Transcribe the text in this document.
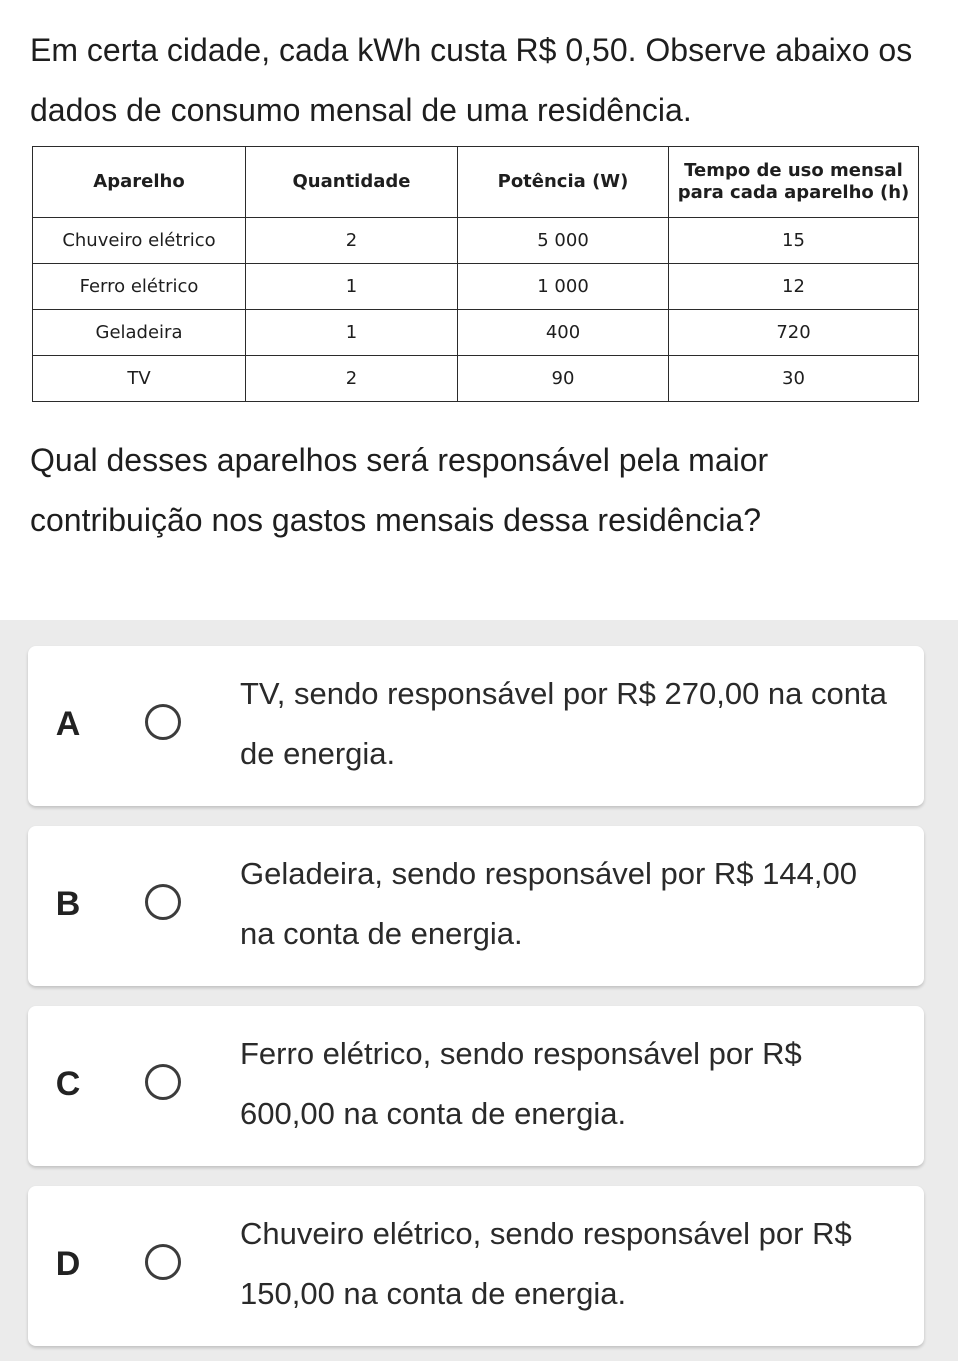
Em certa cidade, cada kWh custa R$ 0,50. Observe abaixo os dados de consumo mensal de uma residência.

Aparelho	Quantidade	Potência (W)	Tempo de uso mensal para cada aparelho (h)
Chuveiro elétrico	2	5 000	15
Ferro elétrico	1	1 000	12
Geladeira	1	400	720
TV	2	90	30

Qual desses aparelhos será responsável pela maior contribuição nos gastos mensais dessa residência?

A
TV, sendo responsável por R$ 270,00 na conta de energia.
B
Geladeira, sendo responsável por R$ 144,00 na conta de energia.
C
Ferro elétrico, sendo responsável por R$ 600,00 na conta de energia.
D
Chuveiro elétrico, sendo responsável por R$ 150,00 na conta de energia.
